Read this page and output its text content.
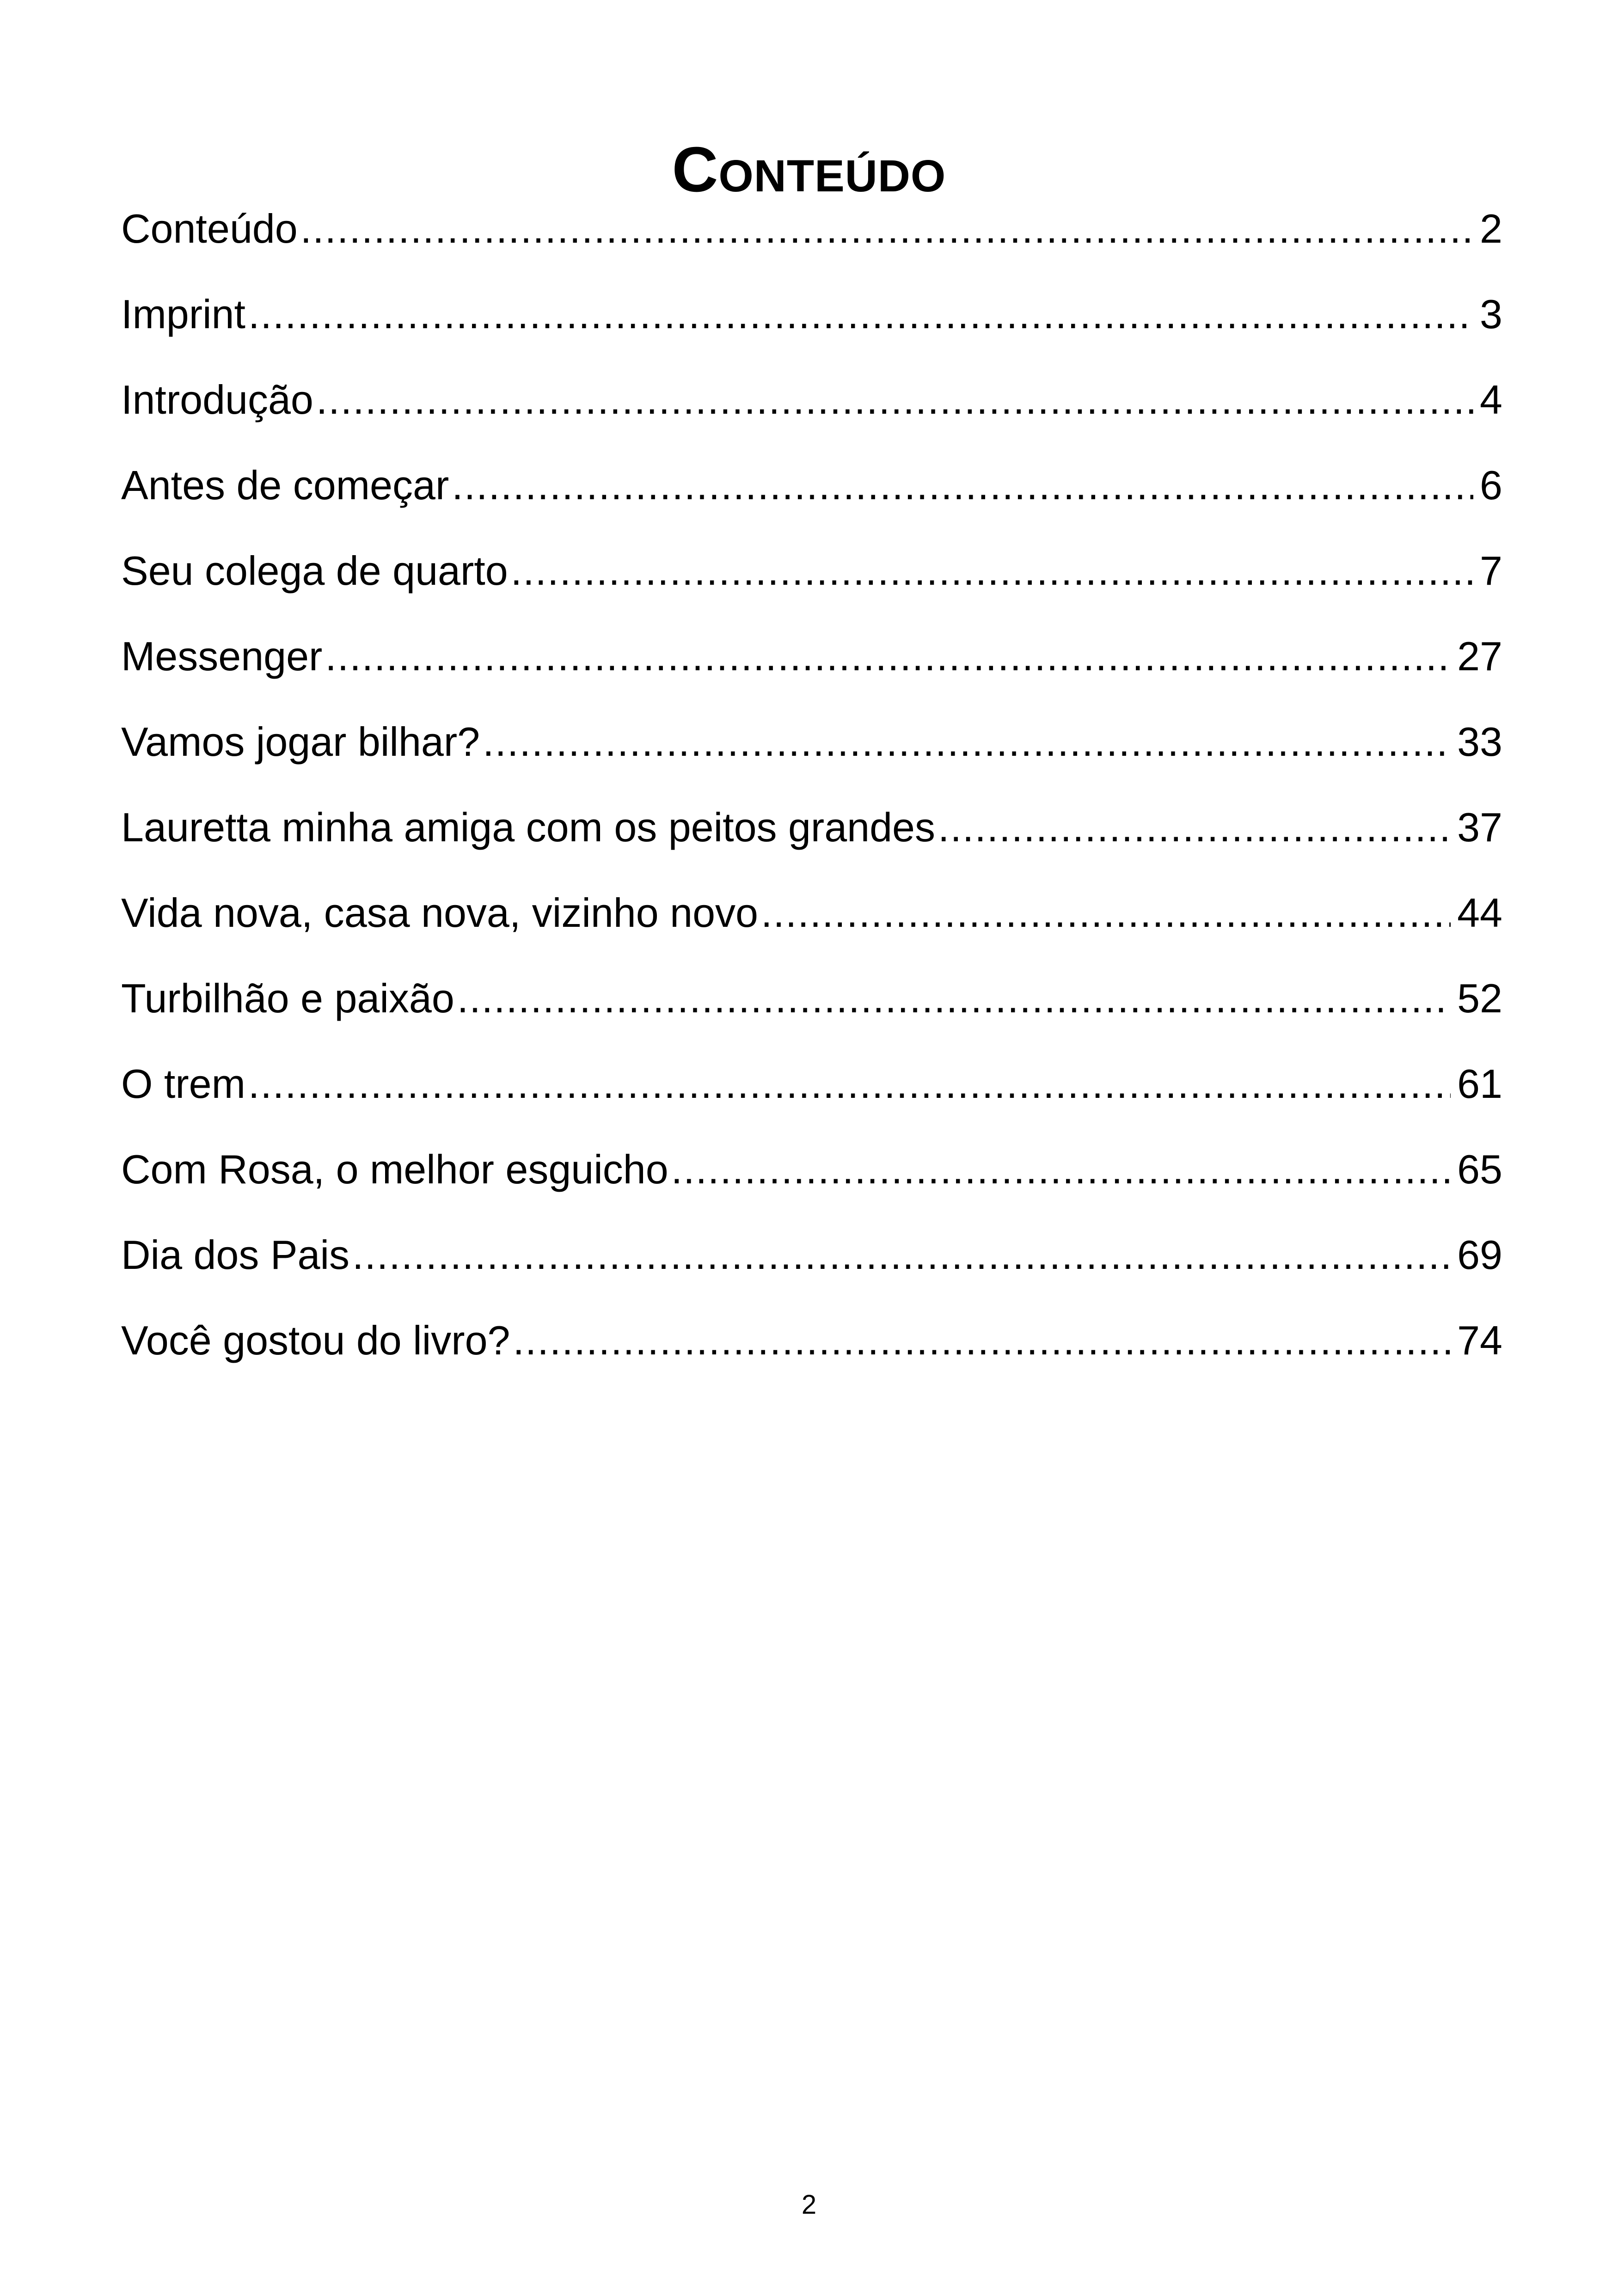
Conteúdo
Conteúdo .....	2
Imprint .....	3
Introdução .....	4
Antes de começar .....	6
Seu colega de quarto .....	7
Messenger .....	27
Vamos jogar bilhar? .....	33
Lauretta minha amiga com os peitos grandes .....	37
Vida nova, casa nova, vizinho novo .....	44
Turbilhão e paixão .....	52
O trem .....	61
Com Rosa, o melhor esguicho .....	65
Dia dos Pais .....	69
Você gostou do livro? .....	74
2
